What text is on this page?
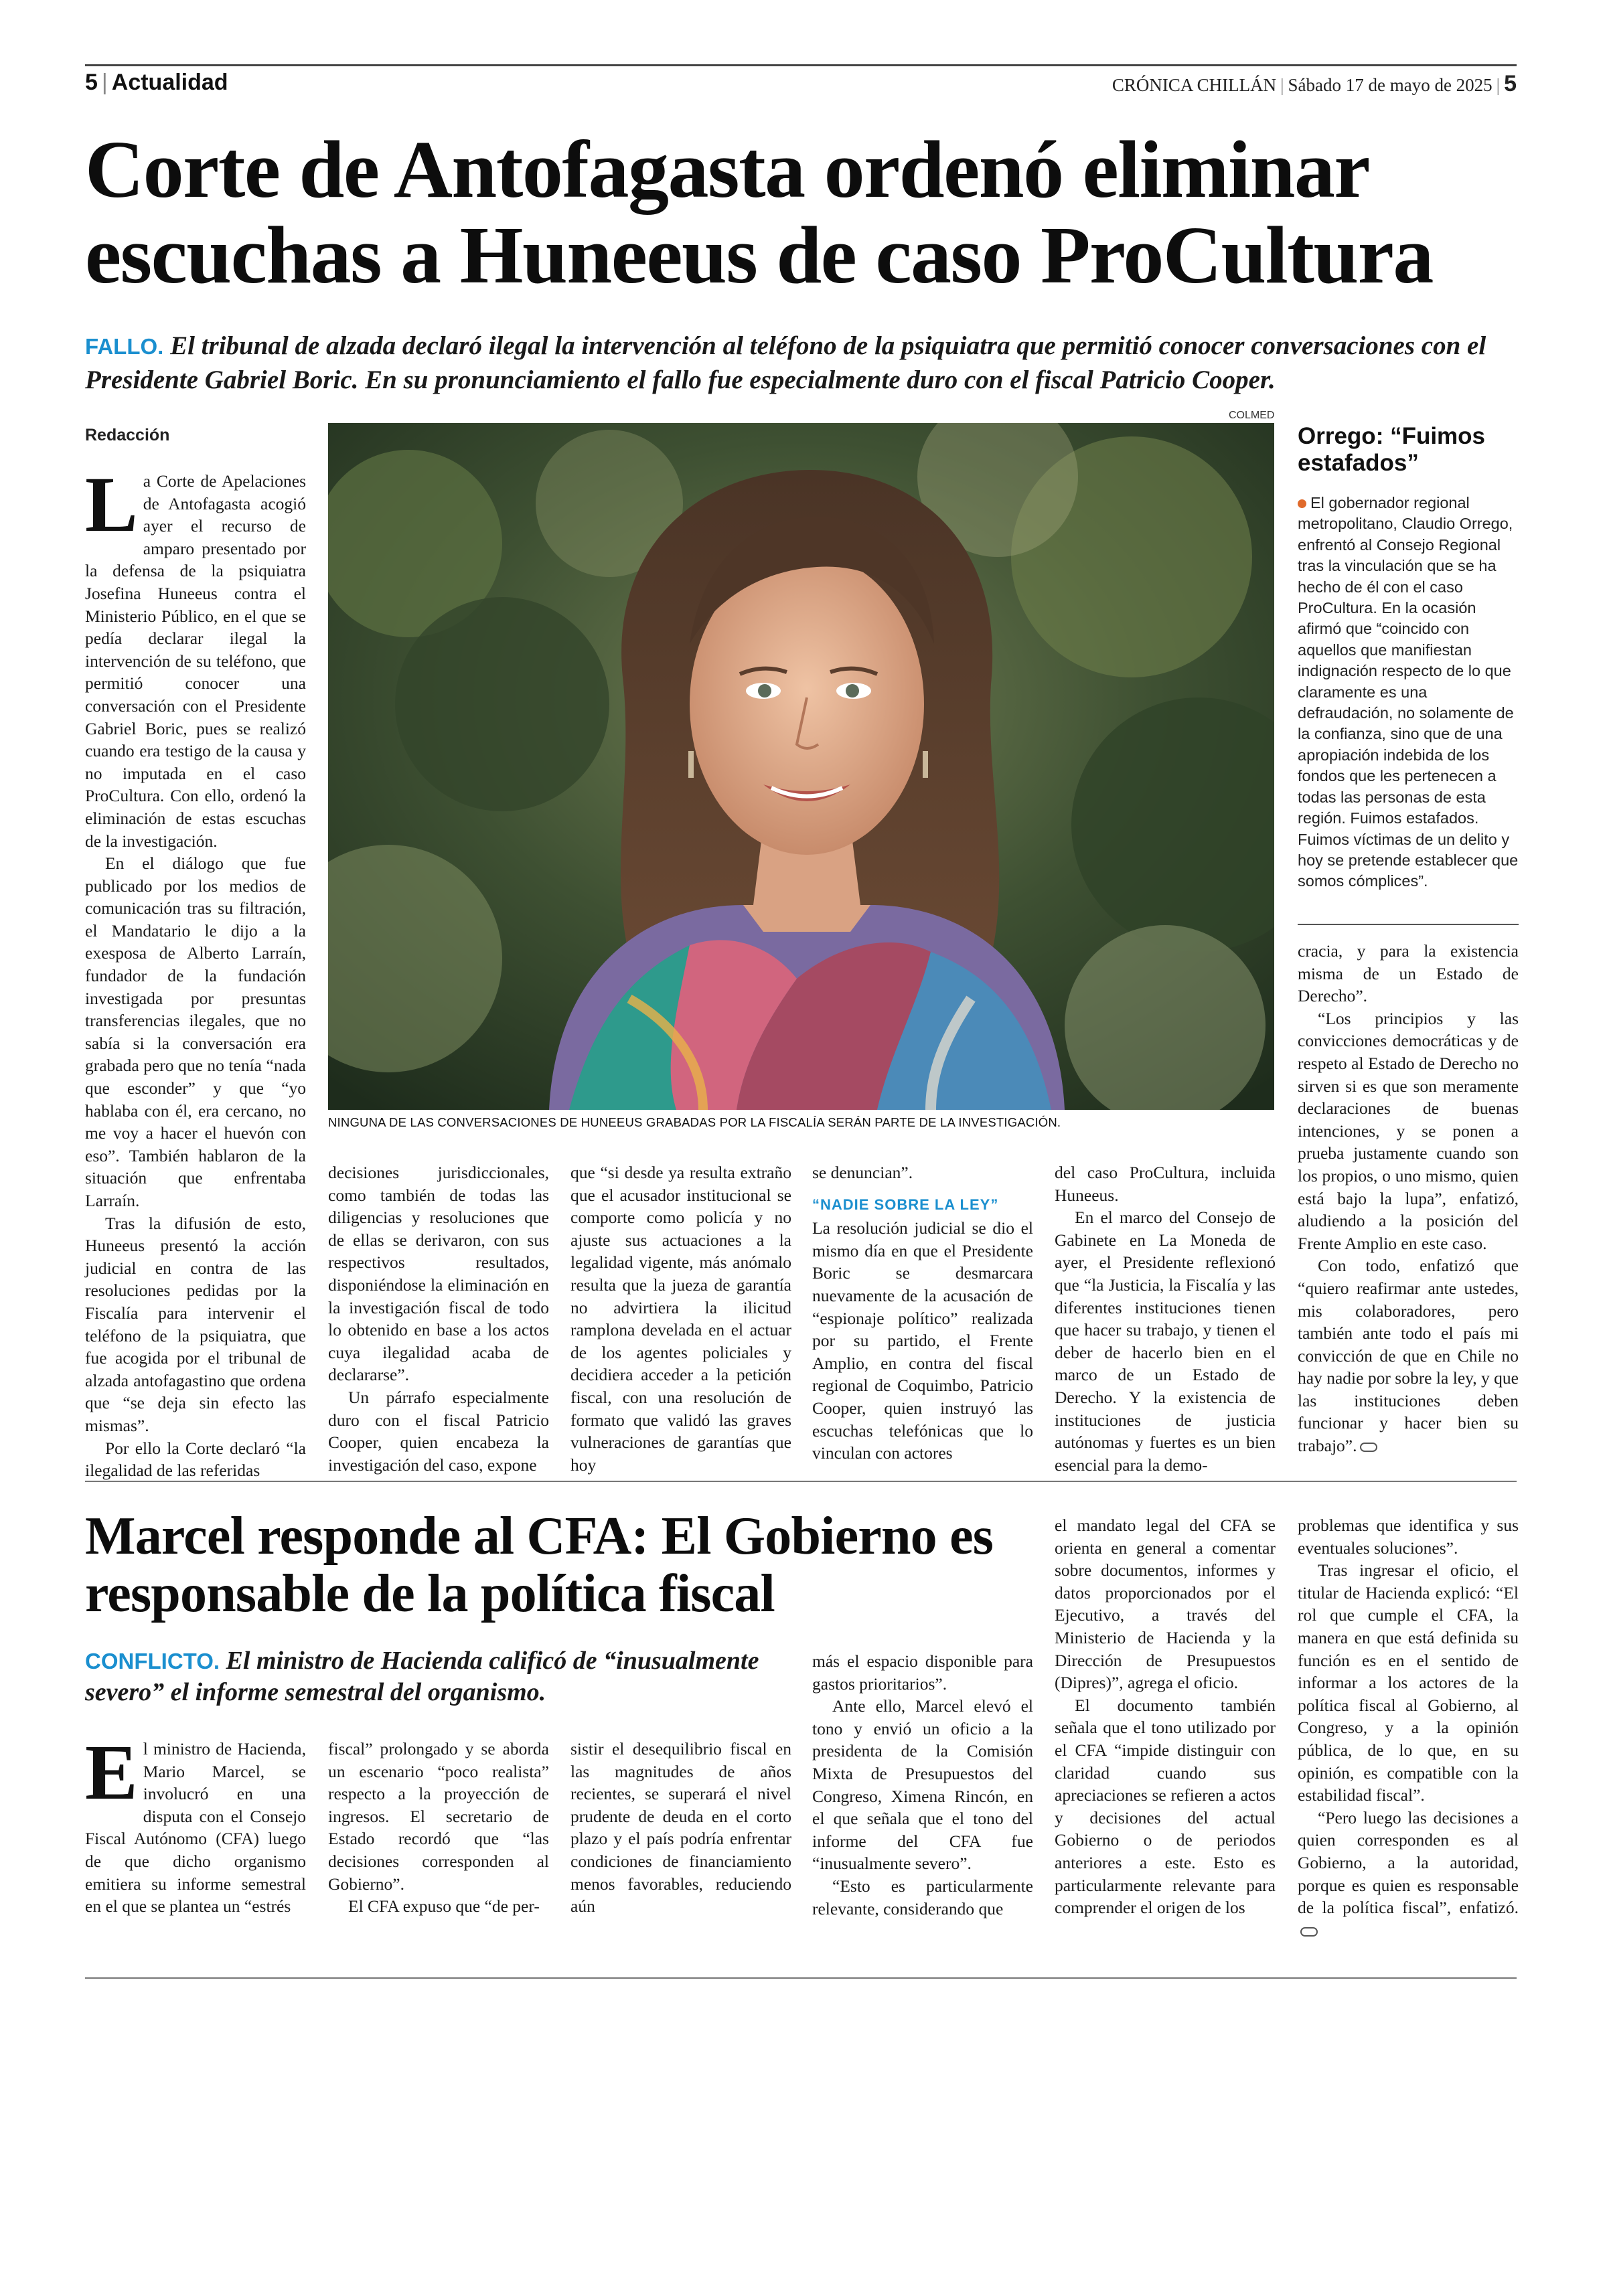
5 | Actualidad	CRÓNICA CHILLÁN | Sábado 17 de mayo de 2025 | 5
Corte de Antofagasta ordenó eliminar escuchas a Huneeus de caso ProCultura
FALLO. El tribunal de alzada declaró ilegal la intervención al teléfono de la psiquiatra que permitió conocer conversaciones con el Presidente Gabriel Boric. En su pronunciamiento el fallo fue especialmente duro con el fiscal Patricio Cooper.
Redacción

La Corte de Apelaciones de Antofagasta acogió ayer el recurso de amparo presentado por la defensa de la psiquiatra Josefina Huneeus contra el Ministerio Público, en el que se pedía declarar ilegal la intervención de su teléfono, que permitió conocer una conversación con el Presidente Gabriel Boric, pues se realizó cuando era testigo de la causa y no imputada en el caso ProCultura. Con ello, ordenó la eliminación de estas escuchas de la investigación.

En el diálogo que fue publicado por los medios de comunicación tras su filtración, el Mandatario le dijo a la exesposa de Alberto Larraín, fundador de la fundación investigada por presuntas transferencias ilegales, que no sabía si la conversación era grabada pero que no tenía “nada que esconder” y que “yo hablaba con él, era cercano, no me voy a hacer el huevón con eso”. También hablaron de la situación que enfrentaba Larraín.

Tras la difusión de esto, Huneeus presentó la acción judicial en contra de las resoluciones pedidas por la Fiscalía para intervenir el teléfono de la psiquiatra, que fue acogida por el tribunal de alzada antofagastino que ordena que “se deja sin efecto las mismas”.

Por ello la Corte declaró “la ilegalidad de las referidas

COLMED
NINGUNA DE LAS CONVERSACIONES DE HUNEEUS GRABADAS POR LA FISCALÍA SERÁN PARTE DE LA INVESTIGACIÓN.
Orrego: “Fuimos estafados”
El gobernador regional metropolitano, Claudio Orrego, enfrentó al Consejo Regional tras la vinculación que se ha hecho de él con el caso ProCultura. En la ocasión afirmó que “coincido con aquellos que manifiestan indignación respecto de lo que claramente es una defraudación, no solamente de la confianza, sino que de una apropiación indebida de los fondos que les pertenecen a todas las personas de esta región. Fuimos estafados. Fuimos víctimas de un delito y hoy se pretende establecer que somos cómplices”.

cracia, y para la existencia misma de un Estado de Derecho”.

“Los principios y las convicciones democráticas y de respeto al Estado de Derecho no sirven si es que son meramente declaraciones de buenas intenciones, y se ponen a prueba justamente cuando son los propios, o uno mismo, quien está bajo la lupa”, enfatizó, aludiendo a la posición del Frente Amplio en este caso.

Con todo, enfatizó que “quiero reafirmar ante ustedes, mis colaboradores, pero también ante todo el país mi convicción de que en Chile no hay nadie por sobre la ley, y que las instituciones deben funcionar y hacer bien su trabajo”.

decisiones jurisdiccionales, como también de todas las diligencias y resoluciones que de ellas se derivaron, con sus respectivos resultados, disponiéndose la eliminación en la investigación fiscal de todo lo obtenido en base a los actos cuya ilegalidad acaba de declararse”.

Un párrafo especialmente duro con el fiscal Patricio Cooper, quien encabeza la investigación del caso, expone

que “si desde ya resulta extraño que el acusador institucional se comporte como policía y no ajuste sus actuaciones a la legalidad vigente, más anómalo resulta que la jueza de garantía no advirtiera la ilicitud ramplona develada en el actuar de los agentes policiales y decidiera acceder a la petición fiscal, con una resolución de formato que validó las graves vulneraciones de garantías que hoy

se denuncian”.

“NADIE SOBRE LA LEY”

La resolución judicial se dio el mismo día en que el Presidente Boric se desmarcara nuevamente de la acusación de “espionaje político” realizada por su partido, el Frente Amplio, en contra del fiscal regional de Coquimbo, Patricio Cooper, quien instruyó las escuchas telefónicas que lo vinculan con actores

del caso ProCultura, incluida Huneeus.

En el marco del Consejo de Gabinete en La Moneda de ayer, el Presidente reflexionó que “la Justicia, la Fiscalía y las diferentes instituciones tienen que hacer su trabajo, y tienen el deber de hacerlo bien en el marco de un Estado de Derecho. Y la existencia de instituciones de justicia autónomas y fuertes es un bien esencial para la demo-

Marcel responde al CFA: El Gobierno es responsable de la política fiscal
CONFLICTO. El ministro de Hacienda calificó de “inusualmente severo” el informe semestral del organismo.

El ministro de Hacienda, Mario Marcel, se involucró en una disputa con el Consejo Fiscal Autónomo (CFA) luego de que dicho organismo emitiera su informe semestral en el que se plantea un “estrés

fiscal” prolongado y se aborda un escenario “poco realista” respecto a la proyección de ingresos. El secretario de Estado recordó que “las decisiones corresponden al Gobierno”.

El CFA expuso que “de per-

sistir el desequilibrio fiscal en las magnitudes de años recientes, se superará el nivel prudente de deuda en el corto plazo y el país podría enfrentar condiciones de financiamiento menos favorables, reduciendo aún

más el espacio disponible para gastos prioritarios”.

Ante ello, Marcel elevó el tono y envió un oficio a la presidenta de la Comisión Mixta de Presupuestos del Congreso, Ximena Rincón, en el que señala que el tono del informe del CFA fue “inusualmente severo”.

“Esto es particularmente relevante, considerando que

el mandato legal del CFA se orienta en general a comentar sobre documentos, informes y datos proporcionados por el Ejecutivo, a través del Ministerio de Hacienda y la Dirección de Presupuestos (Dipres)”, agrega el oficio.

El documento también señala que el tono utilizado por el CFA “impide distinguir con claridad cuando sus apreciaciones se refieren a actos y decisiones del actual Gobierno o de periodos anteriores a este. Esto es particularmente relevante para comprender el origen de los

problemas que identifica y sus eventuales soluciones”.

Tras ingresar el oficio, el titular de Hacienda explicó: “El rol que cumple el CFA, la manera en que está definida su función es en el sentido de informar a los actores de la política fiscal al Gobierno, al Congreso, y a la opinión pública, de lo que, en su opinión, es compatible con la estabilidad fiscal”.

“Pero luego las decisiones a quien corresponden es al Gobierno, a la autoridad, porque es quien es responsable de la política fiscal”, enfatizó.
